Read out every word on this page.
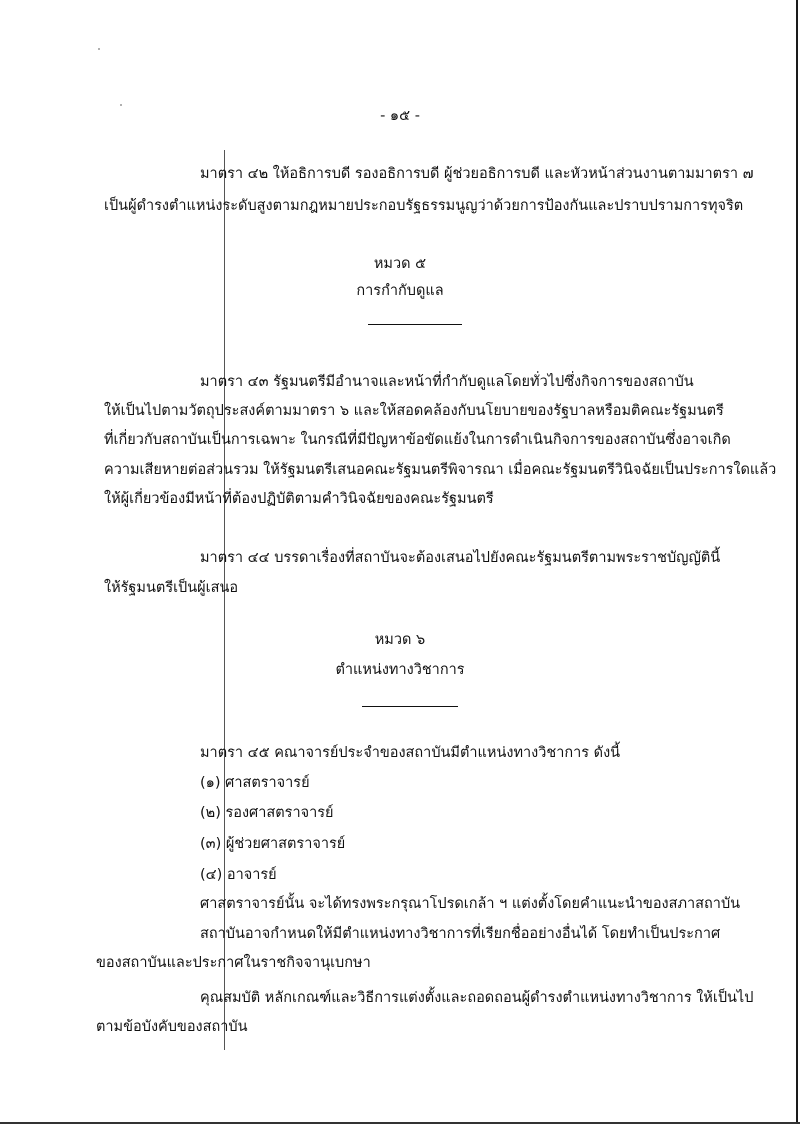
- ๑๕ -
มาตรา ๔๒ ให้อธิการบดี รองอธิการบดี ผู้ช่วยอธิการบดี และหัวหน้าส่วนงานตามมาตรา ๗
เป็นผู้ดำรงตำแหน่งระดับสูงตามกฎหมายประกอบรัฐธรรมนูญว่าด้วยการป้องกันและปราบปรามการทุจริต
หมวด ๕
การกำกับดูแล
มาตรา ๔๓ รัฐมนตรีมีอำนาจและหน้าที่กำกับดูแลโดยทั่วไปซึ่งกิจการของสถาบัน
ให้เป็นไปตามวัตถุประสงค์ตามมาตรา ๖ และให้สอดคล้องกับนโยบายของรัฐบาลหรือมติคณะรัฐมนตรี
ที่เกี่ยวกับสถาบันเป็นการเฉพาะ ในกรณีที่มีปัญหาข้อขัดแย้งในการดำเนินกิจการของสถาบันซึ่งอาจเกิด
ความเสียหายต่อส่วนรวม ให้รัฐมนตรีเสนอคณะรัฐมนตรีพิจารณา เมื่อคณะรัฐมนตรีวินิจฉัยเป็นประการใดแล้ว
ให้ผู้เกี่ยวข้องมีหน้าที่ต้องปฏิบัติตามคำวินิจฉัยของคณะรัฐมนตรี
มาตรา ๔๔ บรรดาเรื่องที่สถาบันจะต้องเสนอไปยังคณะรัฐมนตรีตามพระราชบัญญัตินี้
ให้รัฐมนตรีเป็นผู้เสนอ
หมวด ๖
ตำแหน่งทางวิชาการ
มาตรา ๔๕ คณาจารย์ประจำของสถาบันมีตำแหน่งทางวิชาการ ดังนี้
(๑) ศาสตราจารย์
(๒) รองศาสตราจารย์
(๓) ผู้ช่วยศาสตราจารย์
(๔) อาจารย์
ศาสตราจารย์นั้น จะได้ทรงพระกรุณาโปรดเกล้า ฯ แต่งตั้งโดยคำแนะนำของสภาสถาบัน
สถาบันอาจกำหนดให้มีตำแหน่งทางวิชาการที่เรียกชื่ออย่างอื่นได้ โดยทำเป็นประกาศ
ของสถาบันและประกาศในราชกิจจานุเบกษา
คุณสมบัติ หลักเกณฑ์และวิธีการแต่งตั้งและถอดถอนผู้ดำรงตำแหน่งทางวิชาการ ให้เป็นไป
ตามข้อบังคับของสถาบัน
